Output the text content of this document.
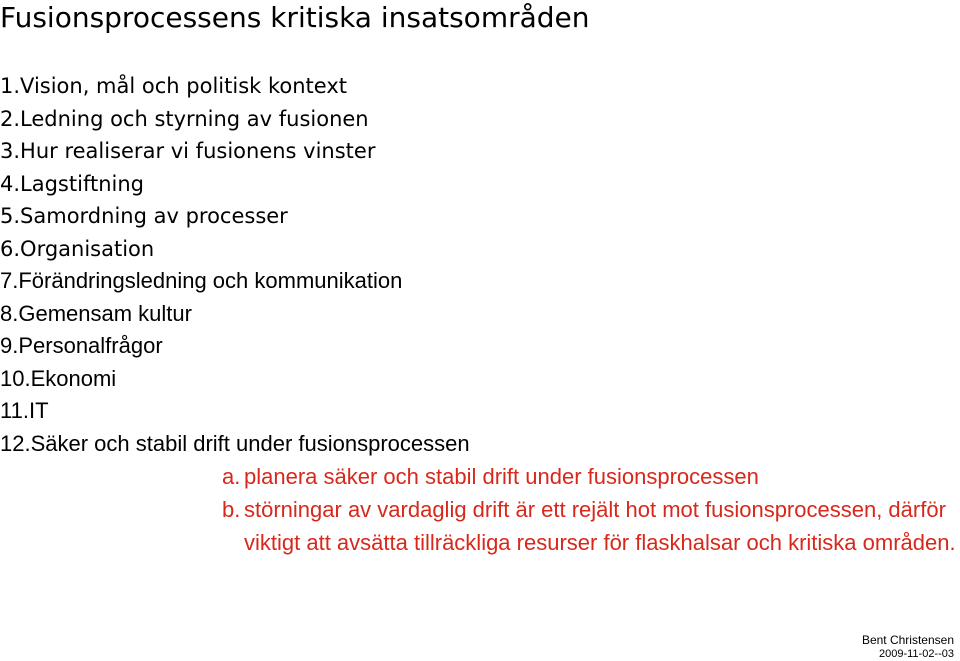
Fusionsprocessens kritiska insatsområden
1.Vision, mål och politisk kontext
2.Ledning och styrning av fusionen
3.Hur realiserar vi fusionens vinster
4.Lagstiftning
5.Samordning av processer
6.Organisation
7.Förändringsledning och kommunikation
8.Gemensam kultur
9.Personalfrågor
10.Ekonomi
11.IT
12.Säker och stabil drift under fusionsprocessen
a. planera säker och stabil drift under fusionsprocessen
b. störningar av vardaglig drift är ett rejält hot mot fusionsprocessen, därför viktigt att avsätta tillräckliga resurser för flaskhalsar och kritiska områden.
Bent Christensen
2009-11-02--03
